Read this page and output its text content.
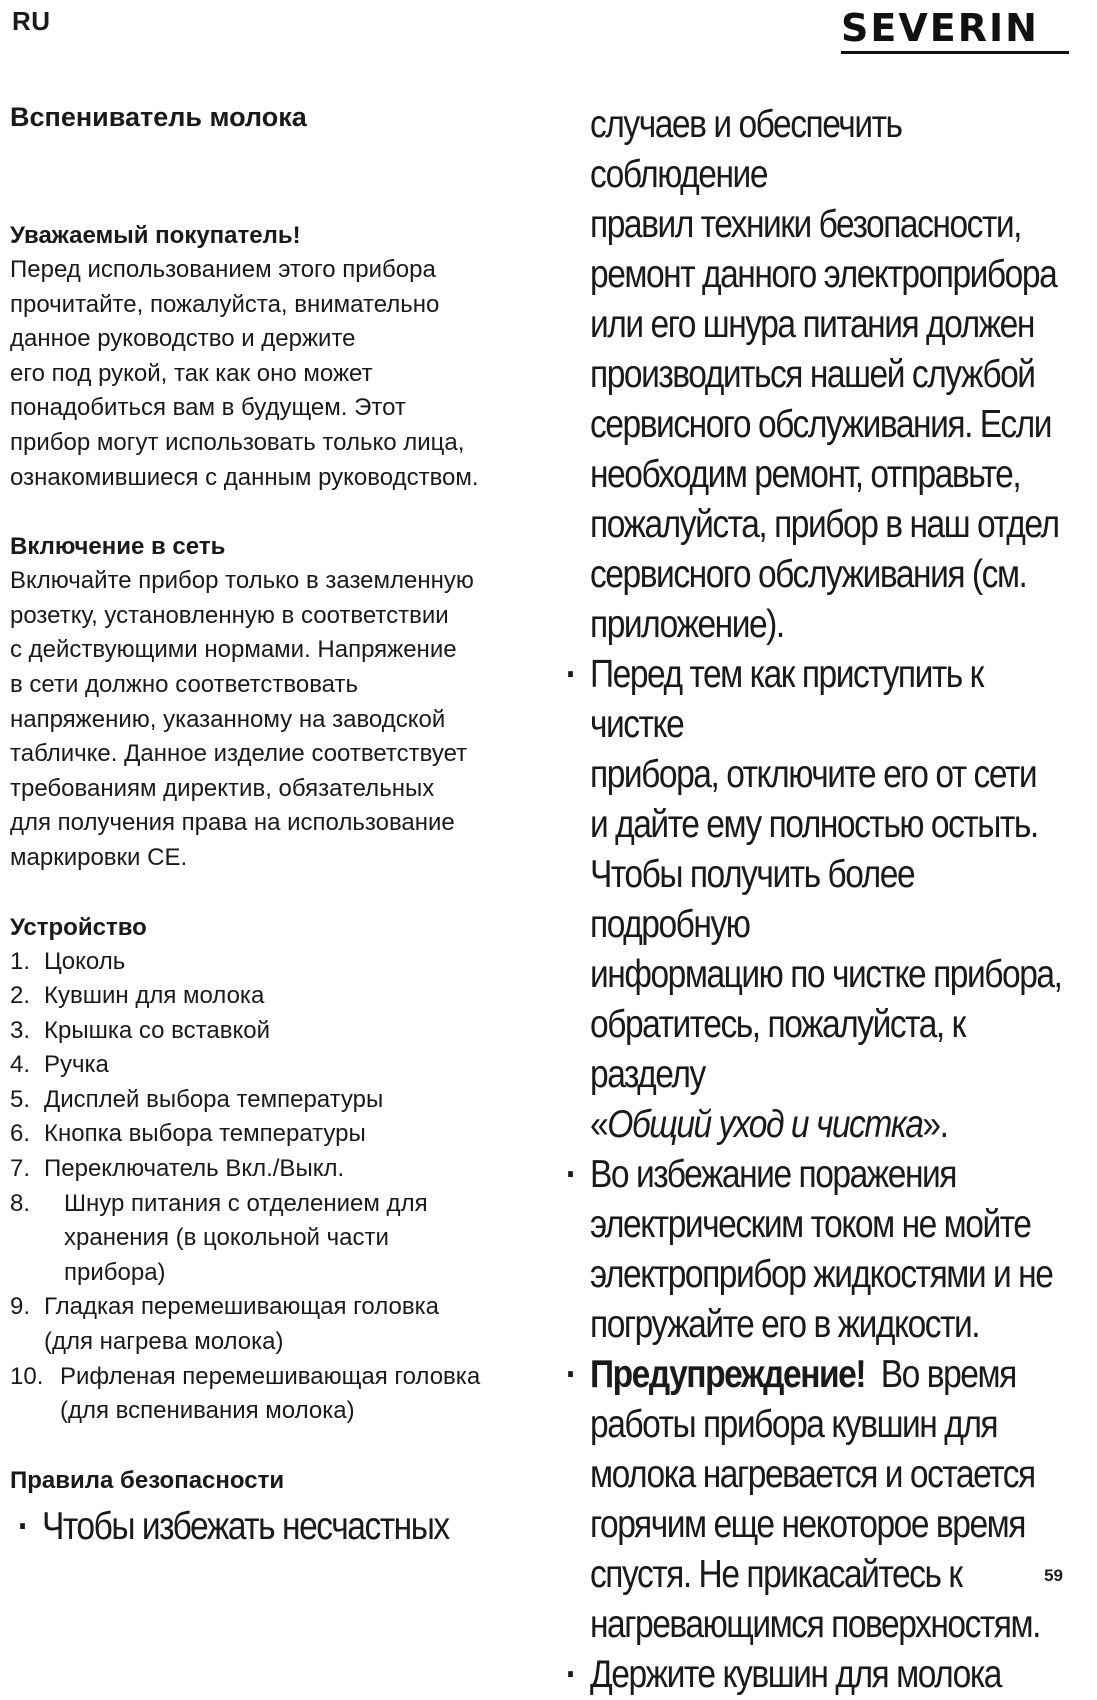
RU	SEVERIN
Вспениватель молока
Уважаемый покупатель!
Перед использованием этого прибора
прочитайте, пожалуйста, внимательно
данное руководство и держите
его под рукой, так как оно может
понадобиться вам в будущем. Этот
прибор могут использовать только лица,
ознакомившиеся с данным руководством.
Включение в сеть
Включайте прибор только в заземленную
розетку, установленную в соответствии
с действующими нормами. Напряжение
в сети должно соответствовать
напряжению, указанному на заводской
табличке. Данное изделие соответствует
требованиям директив, обязательных
для получения права на использование
маркировки CE.
Устройство
1. Цоколь
2. Кувшин для молока
3. Крышка со вставкой
4. Ручка
5. Дисплей выбора температуры
6. Кнопка выбора температуры
7. Переключатель Вкл./Выкл.
8.	Шнур питания с отделением для
хранения (в цокольной части
прибора)
9. Гладкая перемешивающая головка
(для нагрева молока)
10. Рифленая перемешивающая головка
(для вспенивания молока)
Правила безопасности
· Чтобы избежать несчастных
случаев и обеспечить соблюдение
правил техники безопасности,
ремонт данного электроприбора
или его шнура питания должен
производиться нашей службой
сервисного обслуживания. Если
необходим ремонт, отправьте,
пожалуйста, прибор в наш отдел
сервисного обслуживания (см.
приложение).
· Перед тем как приступить к чистке
прибора, отключите его от сети
и дайте ему полностью остыть.
Чтобы получить более подробную
информацию по чистке прибора,
обратитесь, пожалуйста, к разделу
«Общий уход и чистка».
· Во избежание поражения
электрическим током не мойте
электроприбор жидкостями и не
погружайте его в жидкости.
· Предупреждение! Во время
работы прибора кувшин для
молока нагревается и остается
горячим еще некоторое время
спустя. Не прикасайтесь к
нагревающимся поверхностям.
· Держите кувшин для молока
59
